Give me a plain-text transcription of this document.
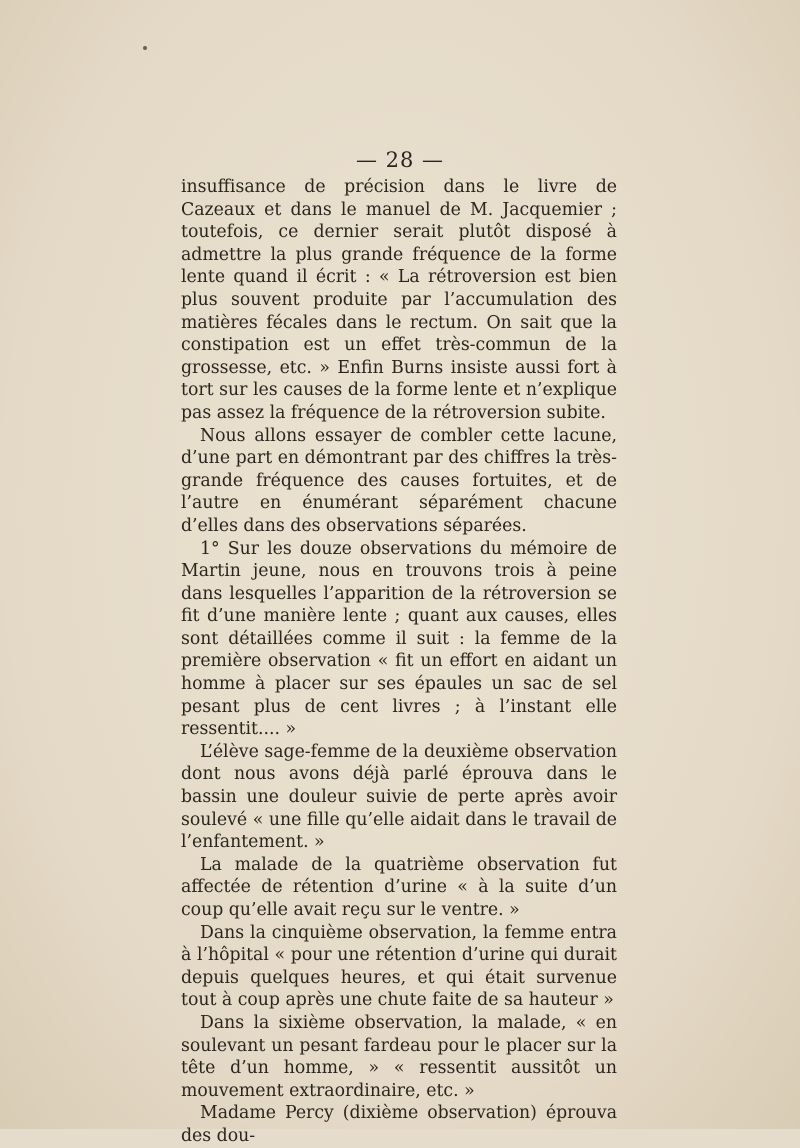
— 28 —

insuffisance de précision dans le livre de Cazeaux et dans le manuel de M. Jacquemier ; toutefois, ce dernier serait plutôt disposé à admettre la plus grande fréquence de la forme lente quand il écrit : « La rétroversion est bien plus souvent produite par l’accumulation des matières fécales dans le rectum. On sait que la constipation est un effet très-commun de la grossesse, etc. » Enfin Burns insiste aussi fort à tort sur les causes de la forme lente et n’explique pas assez la fréquence de la rétroversion subite.

Nous allons essayer de combler cette lacune, d’une part en démontrant par des chiffres la très-grande fréquence des causes fortuites, et de l’autre en énumérant séparément chacune d’elles dans des observations séparées.

1° Sur les douze observations du mémoire de Martin jeune, nous en trouvons trois à peine dans lesquelles l’apparition de la rétroversion se fit d’une manière lente ; quant aux causes, elles sont détaillées comme il suit : la femme de la première observation « fit un effort en aidant un homme à placer sur ses épaules un sac de sel pesant plus de cent livres ; à l’instant elle ressentit.... »

L’élève sage-femme de la deuxième observation dont nous avons déjà parlé éprouva dans le bassin une douleur suivie de perte après avoir soulevé « une fille qu’elle aidait dans le travail de l’enfantement. »

La malade de la quatrième observation fut affectée de rétention d’urine « à la suite d’un coup qu’elle avait reçu sur le ventre. »

Dans la cinquième observation, la femme entra à l’hôpital « pour une rétention d’urine qui durait depuis quelques heures, et qui était survenue tout à coup après une chute faite de sa hauteur »

Dans la sixième observation, la malade, « en soulevant un pesant fardeau pour le placer sur la tête d’un homme, » « ressentit aussitôt un mouvement extraordinaire, etc. »

Madame Percy (dixième observation) éprouva des dou-
